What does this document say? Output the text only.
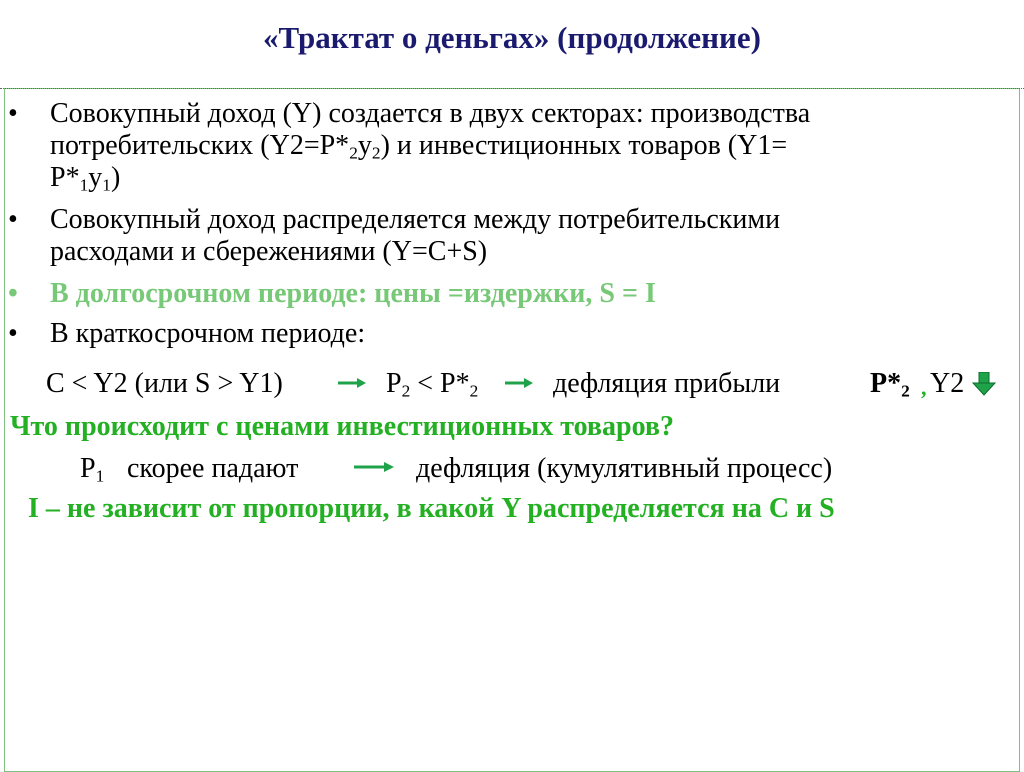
«Трактат о деньгах» (продолжение)
• Совокупный доход (Y) создается в двух секторах: производства
потребительских $(Y2=P*_2y_2)$ и инвестиционных товаров (Y1=
$P*_1y_1$)
• Совокупный доход распределяется между потребительскими
расходами и сбережениями (Y=C+S)
• В долгосрочном периоде: цены =издержки, S = I
• В краткосрочном периоде:
C < Y2 (или S > Y1)	$P_2 < P*_2$	дефляция прибыли	$P*_2$ , Y2
Что происходит с ценами инвестиционных товаров?
$P_1$ скорее падают	дефляция (кумулятивный процесс)
I – не зависит от пропорции, в какой Y распределяется на C и S
